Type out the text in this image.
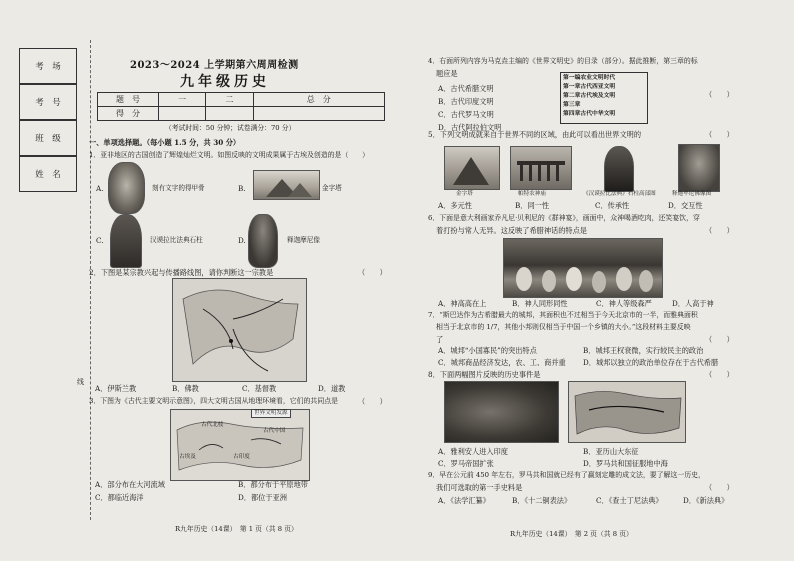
考　场
考　号
班　级
姓　名
线
2023～2024 上学期第六周周检测
九年级历史
题　号	一	二	总　分
得　分			
（考试时间：50 分钟；试卷满分：70 分）
一、单项选择题。（每小题 1.5 分，共 30 分）
1．亚非地区的古国创造了辉煌灿烂文明。如图反映的文明成果属于古埃及创造的是（　　）
A.	刻有文字的得甲骨	B.	金字塔
C.	汉谟拉比法典石柱	D.	释迦摩尼像
2．下图是某宗教兴起与传播路线图，请你判断这一宗教是	（　　）
A．伊斯兰教	B．佛教	C．基督教	D．道教
3．下图为《古代主要文明示意图》，四大文明古国从地理环境看，它们的共同点是	（　　）
世界文明发源
古代北枝
古代中国
古埃及	古印度
A．部分布在大河流域	B．都分布于平原地带
C．都临近海洋	D．都位于亚洲
R九年历史（14课）　第 1 页（共 8 页）
4．右面所列内容为马克垚主编的《世界文明史》的目录（部分）。据此推断，第三章的标
题应是
（　　）
A．古代希腊文明
B．古代印度文明
C．古代罗马文明
D．古代阿拉伯文明
第一编农业文明时代
第一章古代西亚文明
第二章古代埃及文明
第三章
第四章古代中华文明
5．下列文明成就来自于世界不同的区域，由此可以看出世界文明的	（　　）
金字塔	帕特农神庙	《汉谟拉比法典》石柱高部图	释迦牟尼佛像图
A．多元性	B．同一性	C．传承性	D．交互性
6．下面是意大利画家乔凡尼·贝利尼的《群神宴》，画面中，众神喝酒吃肉，还笑宴饮，穿
着打扮与常人无异。这反映了希腊神话的特点是	（　　）
A．神高高在上	B．神人同形同性	C．神人等级森严	D．人高于神
7．“斯巴达作为古希腊最大的城邦，其面积也不过相当于今天北京市的一半，而雅典面积
相当于北京市的 1/7，其他小邦则仅相当于中国一个乡镇的大小。”这段材料主要反映
了	（　　）
A．城邦“小国寡民”的突出特点	B．城邦王权衰微，实行较民主的政治
C．城邦商品经济发达，农、工、商并重 D．城邦以独立的政治单位存在于古代希腊
8．下面两幅图片反映的历史事件是	（　　）
A．雅利安人进入印度	B．亚历山大东征
C．罗马帝国扩张	D．罗马共和国征服地中海
9．早在公元前 450 年左右，罗马共和国就已经有了羸刻定雕的成文法，要了解这一历史，
我们可选取的第一手史料是	（　　）
A．《法学汇纂》	B．《十二铜表法》	C．《查士丁尼法典》	D．《新法典》
R九年历史（14课）　第 2 页（共 8 页）
